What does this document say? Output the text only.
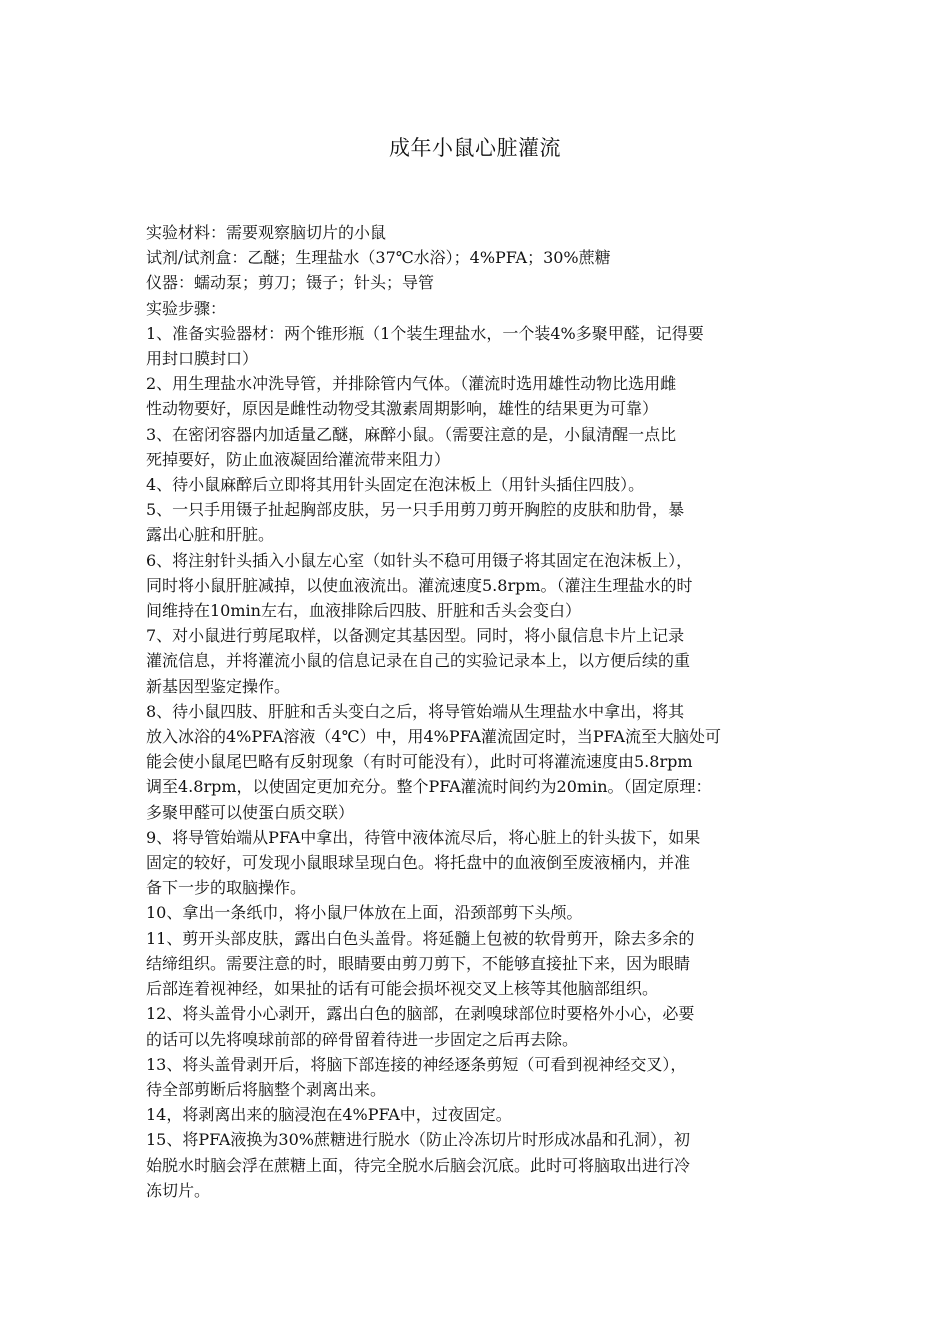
成年小鼠心脏灌流
实验材料：需要观察脑切片的小鼠
试剂/试剂盒：乙醚；生理盐水（37℃水浴）；4%PFA；30%蔗糖
仪器：蠕动泵；剪刀；镊子；针头；导管
实验步骤：
1、准备实验器材：两个锥形瓶（1个装生理盐水，一个装4%多聚甲醛，记得要
用封口膜封口）
2、用生理盐水冲洗导管，并排除管内气体。（灌流时选用雄性动物比选用雌
性动物要好，原因是雌性动物受其激素周期影响，雄性的结果更为可靠）
3、在密闭容器内加适量乙醚，麻醉小鼠。（需要注意的是，小鼠清醒一点比
死掉要好，防止血液凝固给灌流带来阻力）
4、待小鼠麻醉后立即将其用针头固定在泡沫板上（用针头插住四肢）。
5、一只手用镊子扯起胸部皮肤，另一只手用剪刀剪开胸腔的皮肤和肋骨，暴
露出心脏和肝脏。
6、将注射针头插入小鼠左心室（如针头不稳可用镊子将其固定在泡沫板上），
同时将小鼠肝脏减掉，以使血液流出。灌流速度5.8rpm。（灌注生理盐水的时
间维持在10min左右，血液排除后四肢、肝脏和舌头会变白）
7、对小鼠进行剪尾取样，以备测定其基因型。同时，将小鼠信息卡片上记录
灌流信息，并将灌流小鼠的信息记录在自己的实验记录本上，以方便后续的重
新基因型鉴定操作。
8、待小鼠四肢、肝脏和舌头变白之后，将导管始端从生理盐水中拿出，将其
放入冰浴的4%PFA溶液（4℃）中，用4%PFA灌流固定时，当PFA流至大脑处可
能会使小鼠尾巴略有反射现象（有时可能没有），此时可将灌流速度由5.8rpm
调至4.8rpm，以使固定更加充分。整个PFA灌流时间约为20min。（固定原理：
多聚甲醛可以使蛋白质交联）
9、将导管始端从PFA中拿出，待管中液体流尽后，将心脏上的针头拔下，如果
固定的较好，可发现小鼠眼球呈现白色。将托盘中的血液倒至废液桶内，并准
备下一步的取脑操作。
10、拿出一条纸巾，将小鼠尸体放在上面，沿颈部剪下头颅。
11、剪开头部皮肤，露出白色头盖骨。将延髓上包被的软骨剪开，除去多余的
结缔组织。需要注意的时，眼睛要由剪刀剪下，不能够直接扯下来，因为眼睛
后部连着视神经，如果扯的话有可能会损坏视交叉上核等其他脑部组织。
12、将头盖骨小心剥开，露出白色的脑部，在剥嗅球部位时要格外小心，必要
的话可以先将嗅球前部的碎骨留着待进一步固定之后再去除。
13、将头盖骨剥开后，将脑下部连接的神经逐条剪短（可看到视神经交叉），
待全部剪断后将脑整个剥离出来。
14，将剥离出来的脑浸泡在4%PFA中，过夜固定。
15、将PFA液换为30%蔗糖进行脱水（防止冷冻切片时形成冰晶和孔洞），初
始脱水时脑会浮在蔗糖上面，待完全脱水后脑会沉底。此时可将脑取出进行冷
冻切片。
